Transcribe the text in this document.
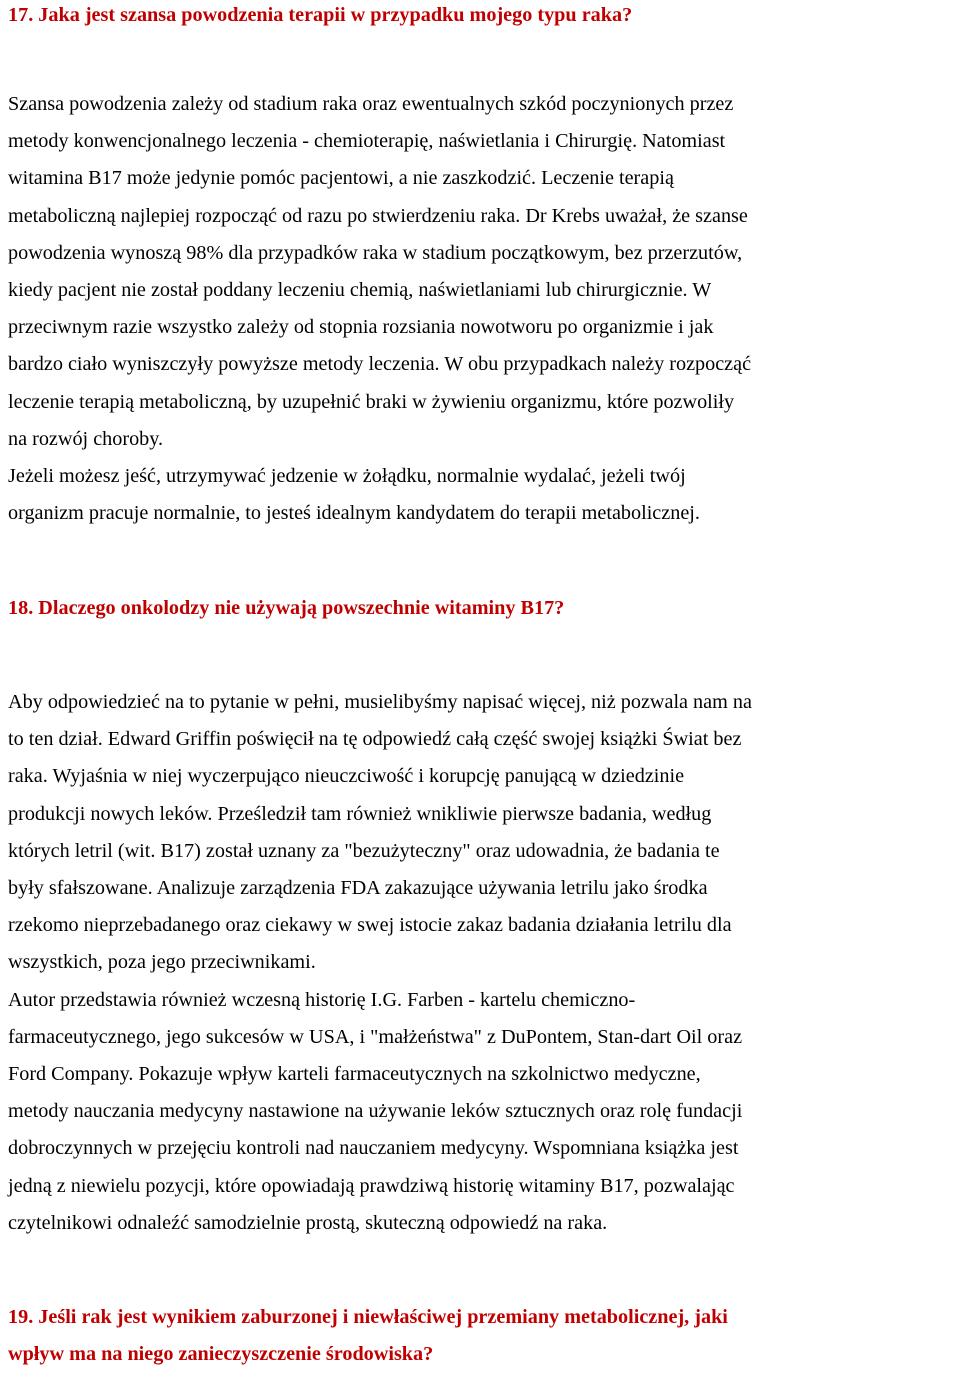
17. Jaka jest szansa powodzenia terapii w przypadku mojego typu raka?
Szansa powodzenia zależy od stadium raka oraz ewentualnych szkód poczynionych przez
metody konwencjonalnego leczenia - chemioterapię, naświetlania i Chirurgię. Natomiast
witamina B17 może jedynie pomóc pacjentowi, a nie zaszkodzić. Leczenie terapią
metaboliczną najlepiej rozpocząć od razu po stwierdzeniu raka. Dr Krebs uważał, że szanse
powodzenia wynoszą 98% dla przypadków raka w stadium początkowym, bez przerzutów,
kiedy pacjent nie został poddany leczeniu chemią, naświetlaniami lub chirurgicznie. W
przeciwnym razie wszystko zależy od stopnia rozsiania nowotworu po organizmie i jak
bardzo ciało wyniszczyły powyższe metody leczenia. W obu przypadkach należy rozpocząć
leczenie terapią metaboliczną, by uzupełnić braki w żywieniu organizmu, które pozwoliły
na rozwój choroby.
Jeżeli możesz jeść, utrzymywać jedzenie w żołądku, normalnie wydalać, jeżeli twój
organizm pracuje normalnie, to jesteś idealnym kandydatem do terapii metabolicznej.
18. Dlaczego onkolodzy nie używają powszechnie witaminy B17?
Aby odpowiedzieć na to pytanie w pełni, musielibyśmy napisać więcej, niż pozwala nam na
to ten dział. Edward Griffin poświęcił na tę odpowiedź całą część swojej książki Świat bez
raka. Wyjaśnia w niej wyczerpująco nieuczciwość i korupcję panującą w dziedzinie
produkcji nowych leków. Prześledził tam również wnikliwie pierwsze badania, według
których letril (wit. B17) został uznany za "bezużyteczny" oraz udowadnia, że badania te
były sfałszowane. Analizuje zarządzenia FDA zakazujące używania letrilu jako środka
rzekomo nieprzebadanego oraz ciekawy w swej istocie zakaz badania działania letrilu dla
wszystkich, poza jego przeciwnikami.
Autor przedstawia również wczesną historię I.G. Farben - kartelu chemiczno-
farmaceutycznego, jego sukcesów w USA, i "małżeństwa" z DuPontem, Stan-dart Oil oraz
Ford Company. Pokazuje wpływ karteli farmaceutycznych na szkolnictwo medyczne,
metody nauczania medycyny nastawione na używanie leków sztucznych oraz rolę fundacji
dobroczynnych w przejęciu kontroli nad nauczaniem medycyny. Wspomniana książka jest
jedną z niewielu pozycji, które opowiadają prawdziwą historię witaminy B17, pozwalając
czytelnikowi odnaleźć samodzielnie prostą, skuteczną odpowiedź na raka.
19. Jeśli rak jest wynikiem zaburzonej i niewłaściwej przemiany metabolicznej, jaki
wpływ ma na niego zanieczyszczenie środowiska?
